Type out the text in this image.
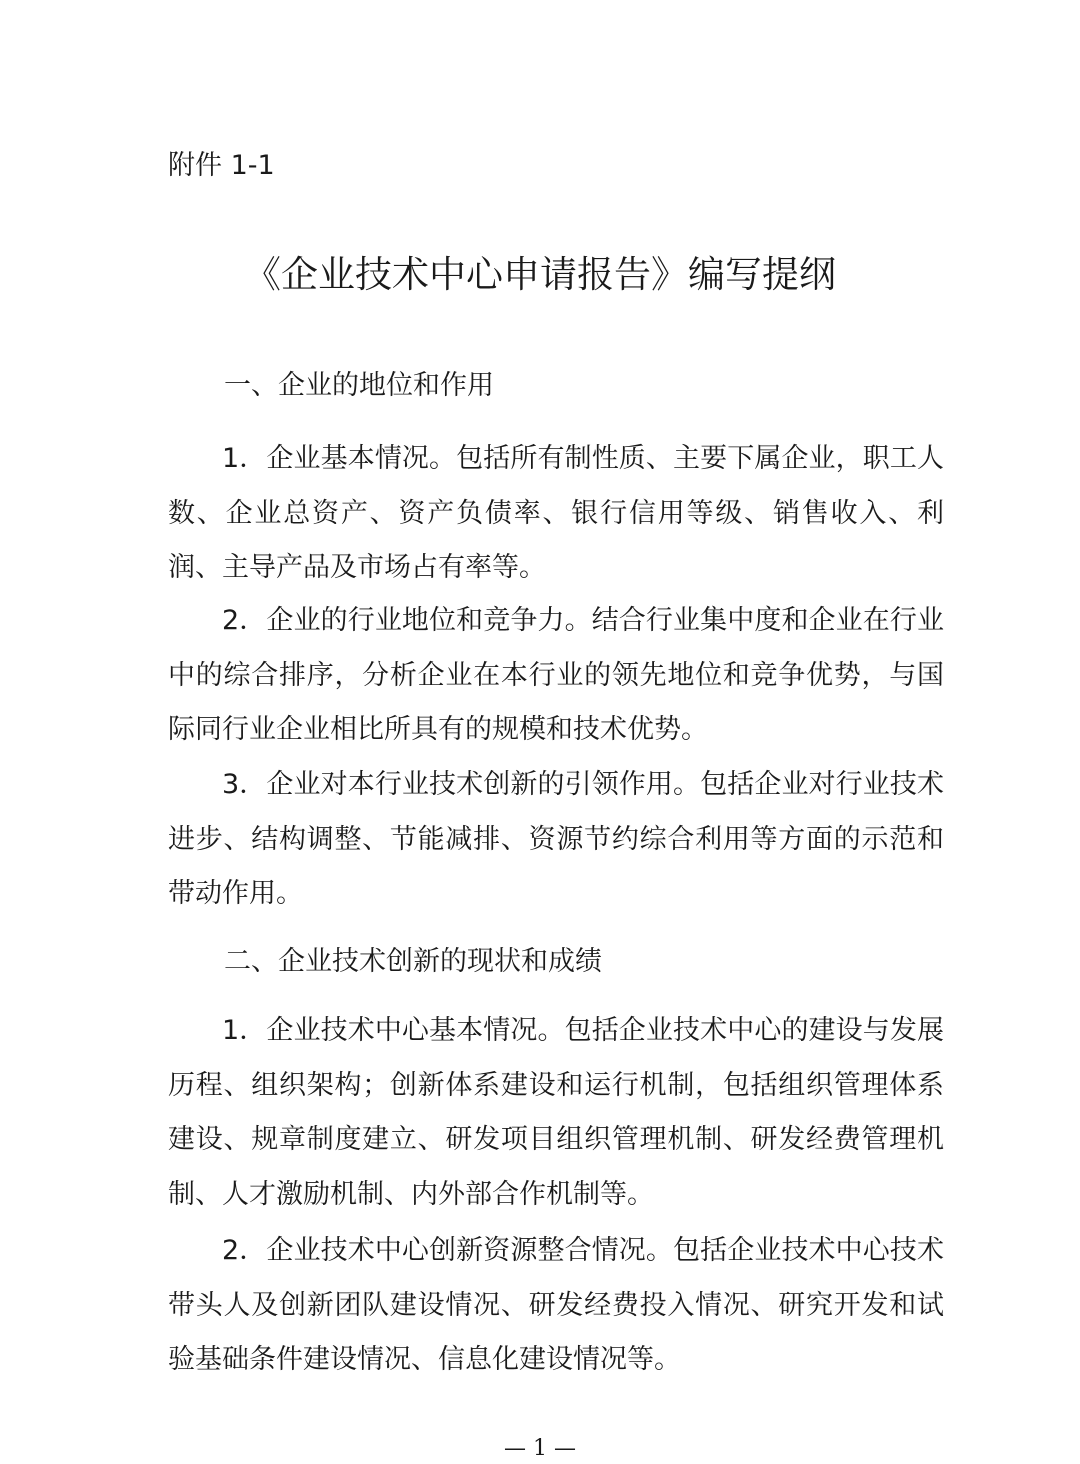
附件 1-1
《企业技术中心申请报告》编写提纲
一、企业的地位和作用

1．企业基本情况。包括所有制性质、主要下属企业，职工人数、企业总资产、资产负债率、银行信用等级、销售收入、利润、主导产品及市场占有率等。

2．企业的行业地位和竞争力。结合行业集中度和企业在行业中的综合排序，分析企业在本行业的领先地位和竞争优势，与国际同行业企业相比所具有的规模和技术优势。

3．企业对本行业技术创新的引领作用。包括企业对行业技术进步、结构调整、节能减排、资源节约综合利用等方面的示范和带动作用。

二、企业技术创新的现状和成绩

1．企业技术中心基本情况。包括企业技术中心的建设与发展历程、组织架构；创新体系建设和运行机制，包括组织管理体系建设、规章制度建立、研发项目组织管理机制、研发经费管理机制、人才激励机制、内外部合作机制等。

2．企业技术中心创新资源整合情况。包括企业技术中心技术带头人及创新团队建设情况、研发经费投入情况、研究开发和试验基础条件建设情况、信息化建设情况等。

— 1 —
